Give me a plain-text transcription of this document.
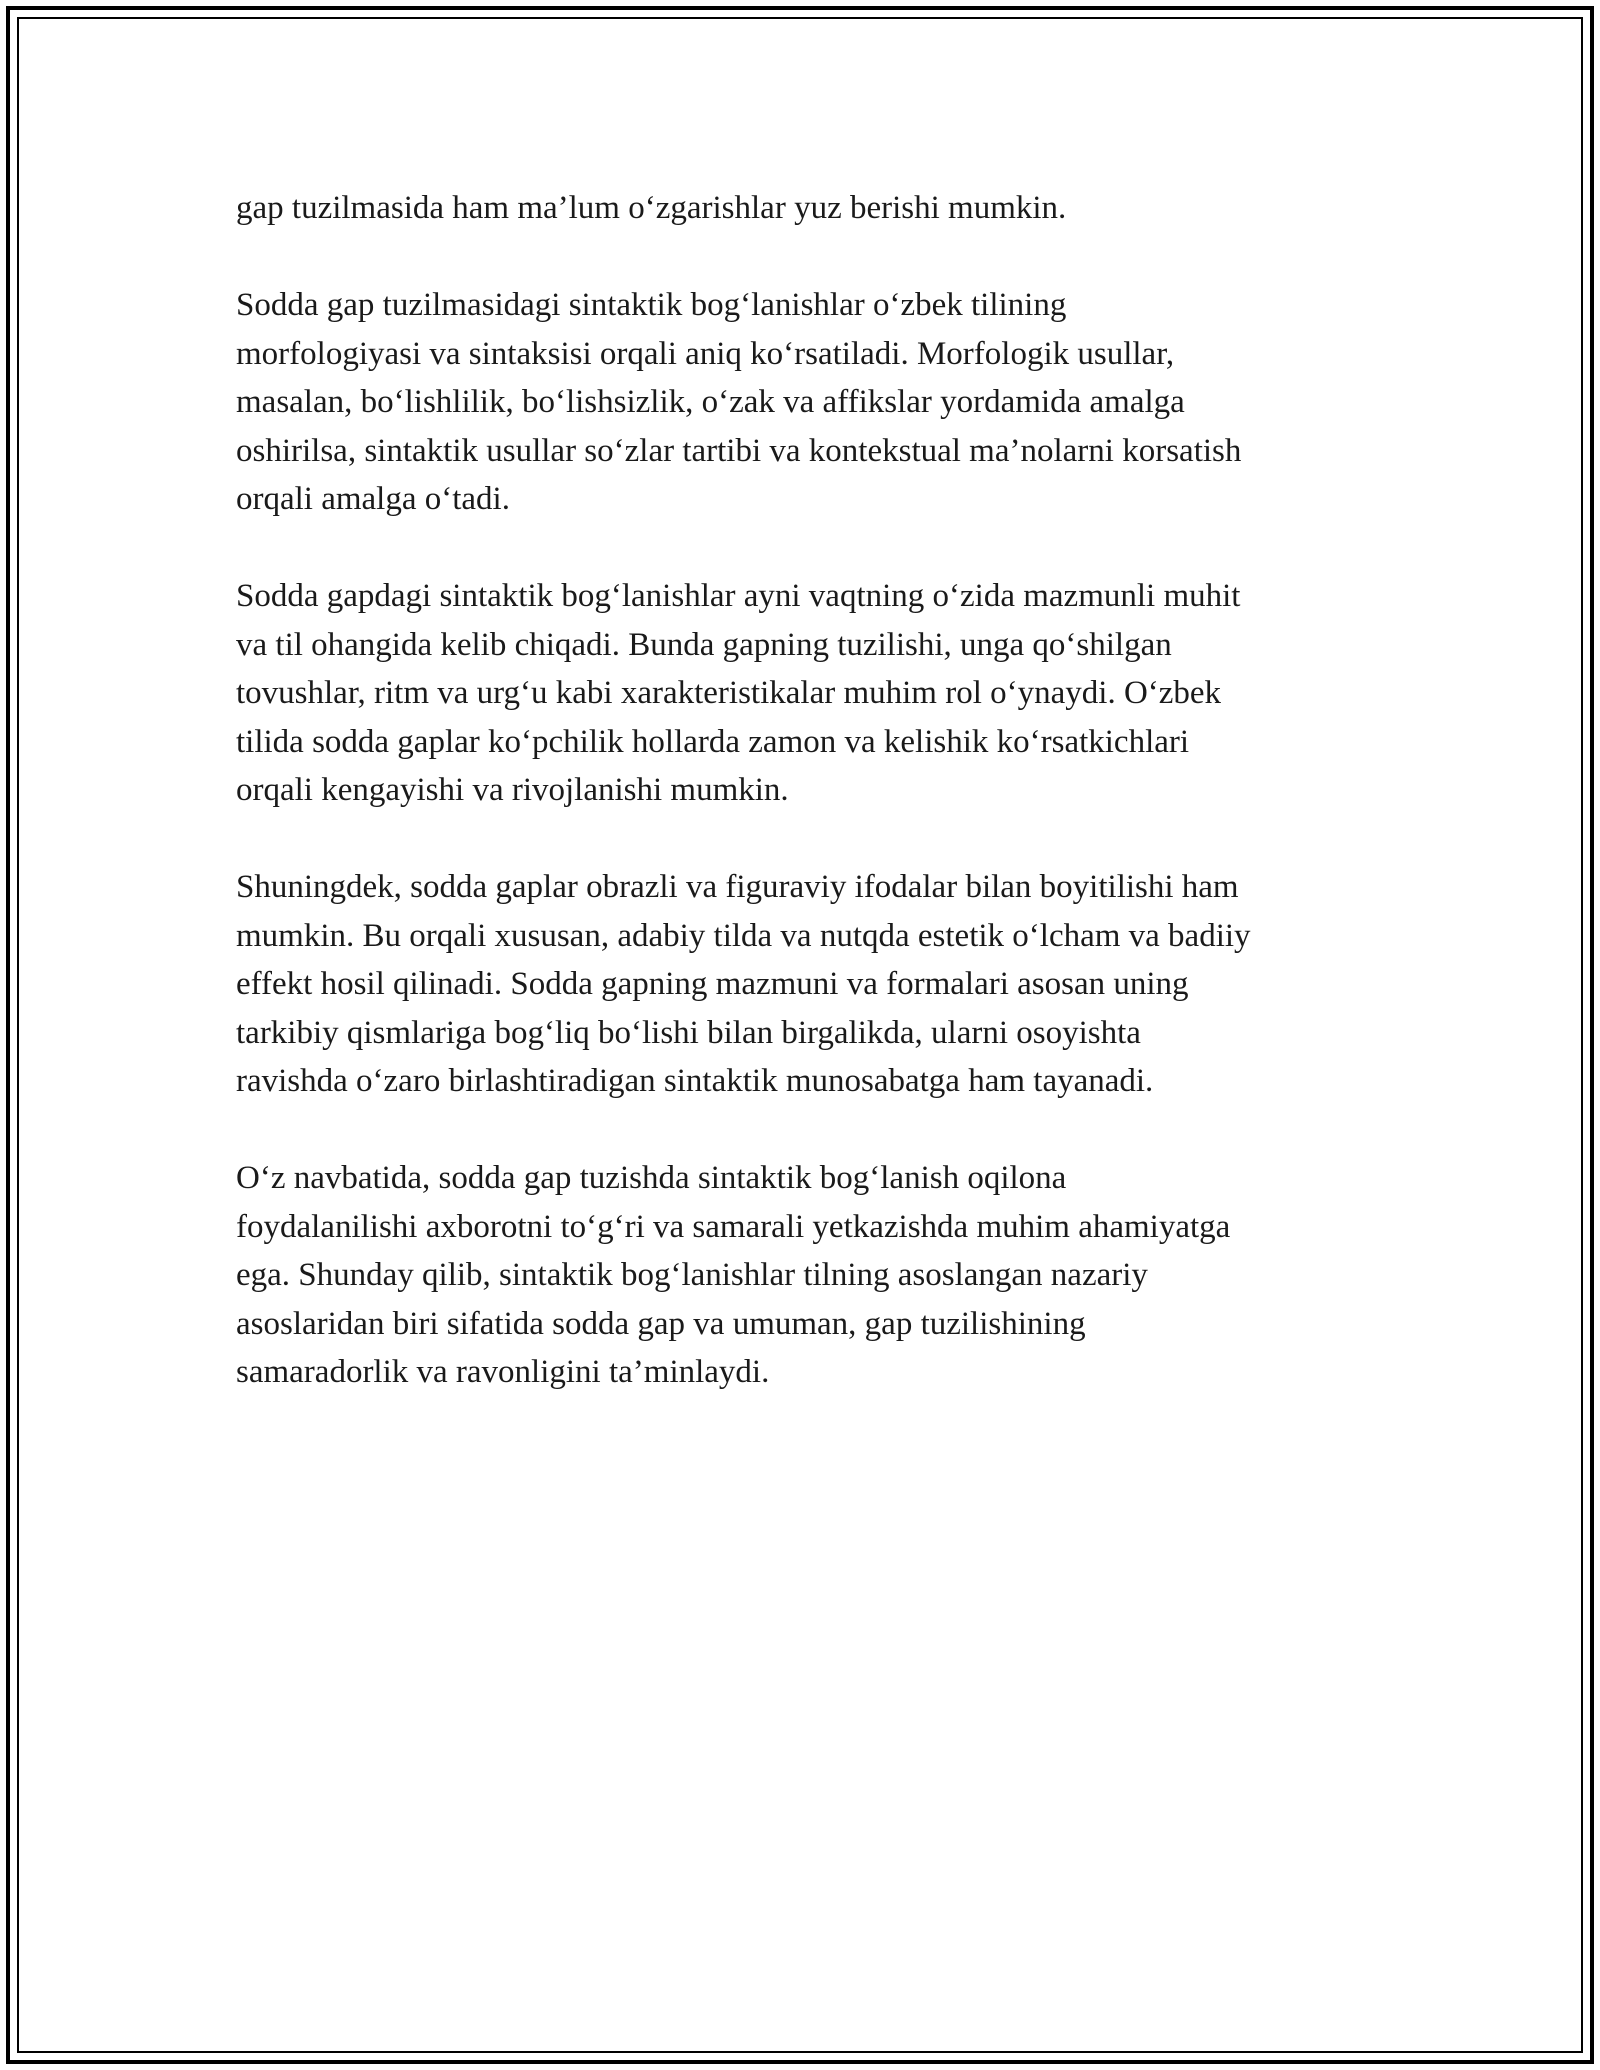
gap tuzilmasida ham ma’lum o‘zgarishlar yuz berishi mumkin.

Sodda gap tuzilmasidagi sintaktik bog‘lanishlar o‘zbek tilining
morfologiyasi va sintaksisi orqali aniq ko‘rsatiladi. Morfologik usullar,
masalan, bo‘lishlilik, bo‘lishsizlik, o‘zak va affikslar yordamida amalga
oshirilsa, sintaktik usullar so‘zlar tartibi va kontekstual ma’nolarni korsatish
orqali amalga o‘tadi.

Sodda gapdagi sintaktik bog‘lanishlar ayni vaqtning o‘zida mazmunli muhit
va til ohangida kelib chiqadi. Bunda gapning tuzilishi, unga qo‘shilgan
tovushlar, ritm va urg‘u kabi xarakteristikalar muhim rol o‘ynaydi. O‘zbek
tilida sodda gaplar ko‘pchilik hollarda zamon va kelishik ko‘rsatkichlari
orqali kengayishi va rivojlanishi mumkin.

Shuningdek, sodda gaplar obrazli va figuraviy ifodalar bilan boyitilishi ham
mumkin. Bu orqali xususan, adabiy tilda va nutqda estetik o‘lcham va badiiy
effekt hosil qilinadi. Sodda gapning mazmuni va formalari asosan uning
tarkibiy qismlariga bog‘liq bo‘lishi bilan birgalikda, ularni osoyishta
ravishda o‘zaro birlashtiradigan sintaktik munosabatga ham tayanadi.

O‘z navbatida, sodda gap tuzishda sintaktik bog‘lanish oqilona
foydalanilishi axborotni to‘g‘ri va samarali yetkazishda muhim ahamiyatga
ega. Shunday qilib, sintaktik bog‘lanishlar tilning asoslangan nazariy
asoslaridan biri sifatida sodda gap va umuman, gap tuzilishining
samaradorlik va ravonligini ta’minlaydi.
